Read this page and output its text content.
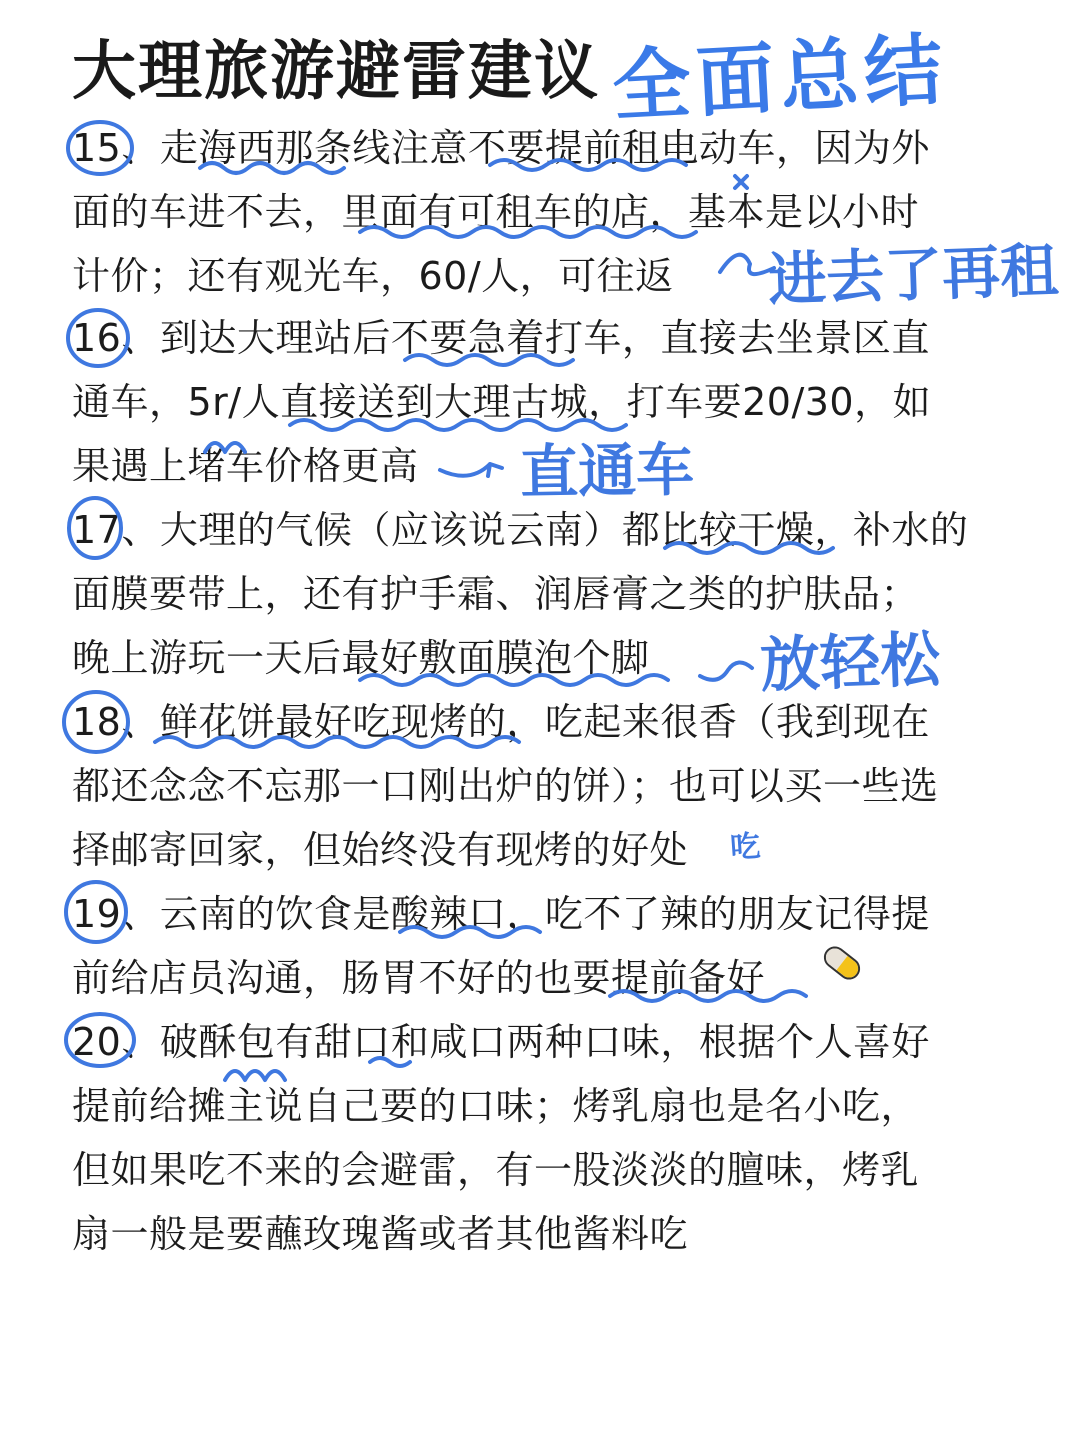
大理旅游避雷建议 全面总结

15、走海西那条线注意不要提前租电动车，因为外

面的车进不去，里面有可租车的店，基本是以小时

计价；还有观光车，60/人，可往返

16、到达大理站后不要急着打车，直接去坐景区直

通车，5r/人直接送到大理古城，打车要20/30，如

果遇上堵车价格更高

17、大理的气候（应该说云南）都比较干燥，补水的

面膜要带上，还有护手霜、润唇膏之类的护肤品；

晚上游玩一天后最好敷面膜泡个脚

18、鲜花饼最好吃现烤的，吃起来很香（我到现在

都还念念不忘那一口刚出炉的饼）；也可以买一些选

择邮寄回家，但始终没有现烤的好处

19、云南的饮食是酸辣口，吃不了辣的朋友记得提

前给店员沟通，肠胃不好的也要提前备好

20、破酥包有甜口和咸口两种口味，根据个人喜好

提前给摊主说自己要的口味；烤乳扇也是名小吃，

但如果吃不来的会避雷，有一股淡淡的膻味，烤乳

扇一般是要蘸玫瑰酱或者其他酱料吃

进去了再租
直通车
放轻松
吃
